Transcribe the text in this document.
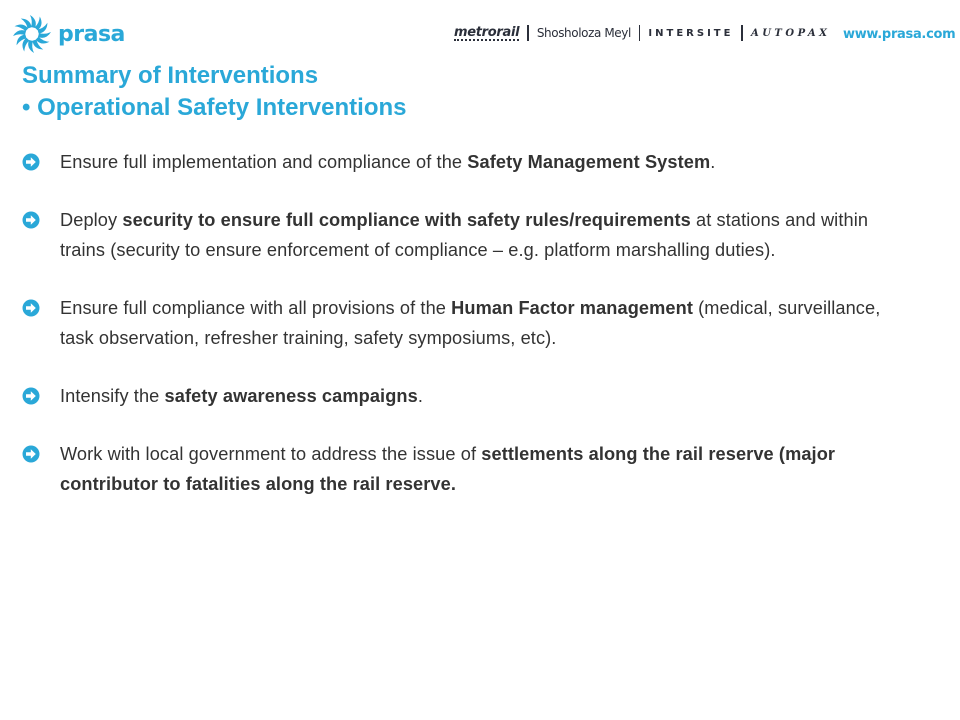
prasa	metrorail Shosholoza Meyl INTERSITE AUTOPAX www.prasa.com
Summary of Interventions
• Operational Safety Interventions
Ensure full implementation and compliance of the Safety Management System.
Deploy security to ensure full compliance with safety rules/requirements at stations and within trains (security to ensure enforcement of compliance – e.g. platform marshalling duties).
Ensure full compliance with all provisions of the Human Factor management (medical, surveillance, task observation, refresher training, safety symposiums, etc).
Intensify the safety awareness campaigns.
Work with local government to address the issue of settlements along the rail reserve (major contributor to fatalities along the rail reserve.
